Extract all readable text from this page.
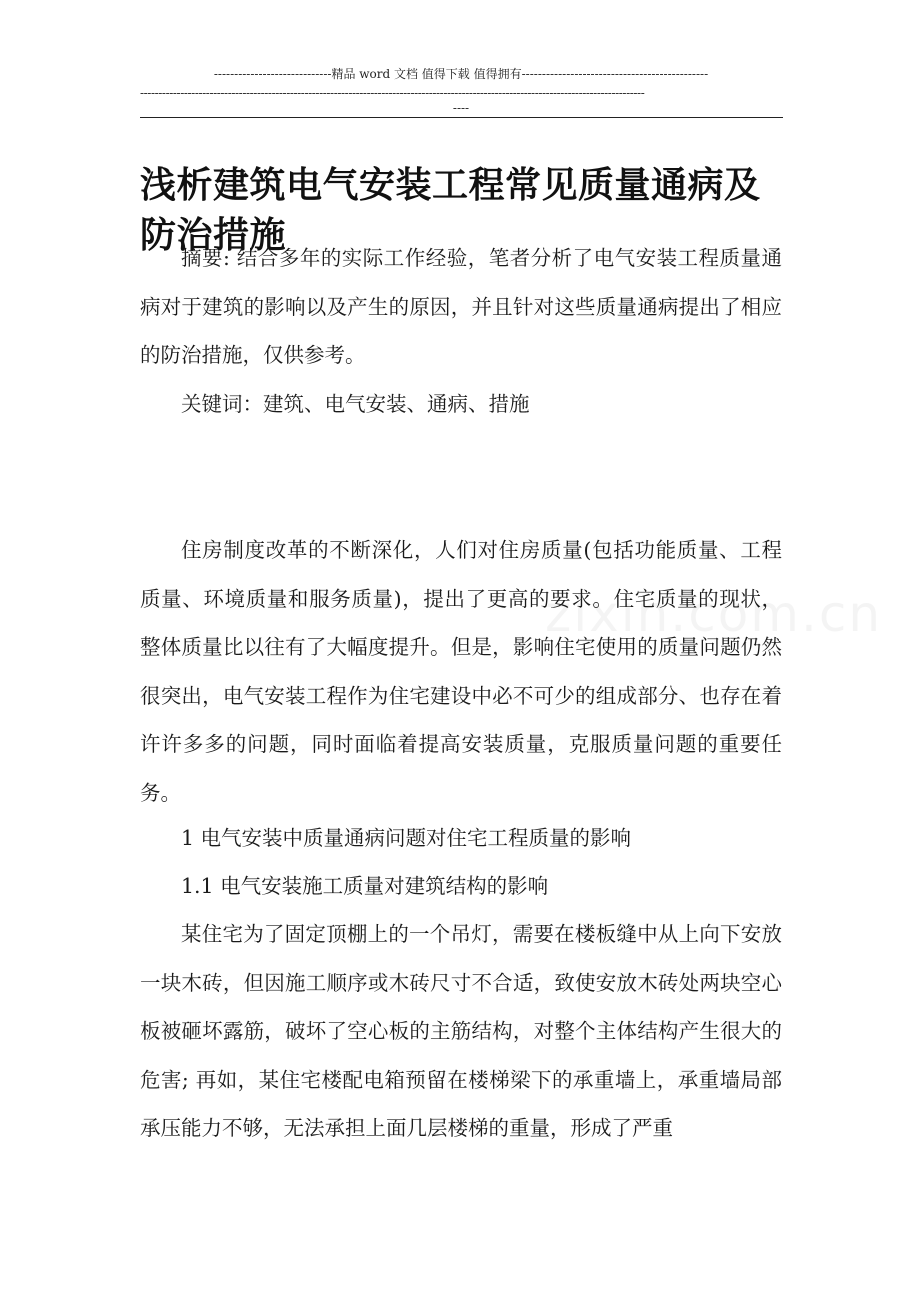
-----------------------------精品 word 文档 值得下载 值得拥有----------------------------------------------
------------------------------------------------------------------------------------------------------------------------------------------
----
浅析建筑电气安装工程常见质量通病及防治措施

摘要: 结合多年的实际工作经验，笔者分析了电气安装工程质量通病对于建筑的影响以及产生的原因，并且针对这些质量通病提出了相应的防治措施，仅供参考。

关键词：建筑、电气安装、通病、措施

住房制度改革的不断深化，人们对住房质量(包括功能质量、工程质量、环境质量和服务质量)，提出了更高的要求。住宅质量的现状，整体质量比以往有了大幅度提升。但是，影响住宅使用的质量问题仍然很突出，电气安装工程作为住宅建设中必不可少的组成部分、也存在着许许多多的问题，同时面临着提高安装质量，克服质量问题的重要任务。

1 电气安装中质量通病问题对住宅工程质量的影响

1.1 电气安装施工质量对建筑结构的影响

某住宅为了固定顶棚上的一个吊灯，需要在楼板缝中从上向下安放一块木砖，但因施工顺序或木砖尺寸不合适，致使安放木砖处两块空心板被砸坏露筋，破坏了空心板的主筋结构，对整个主体结构产生很大的危害; 再如，某住宅楼配电箱预留在楼梯梁下的承重墙上，承重墙局部承压能力不够，无法承担上面几层楼梯的重量，形成了严重
